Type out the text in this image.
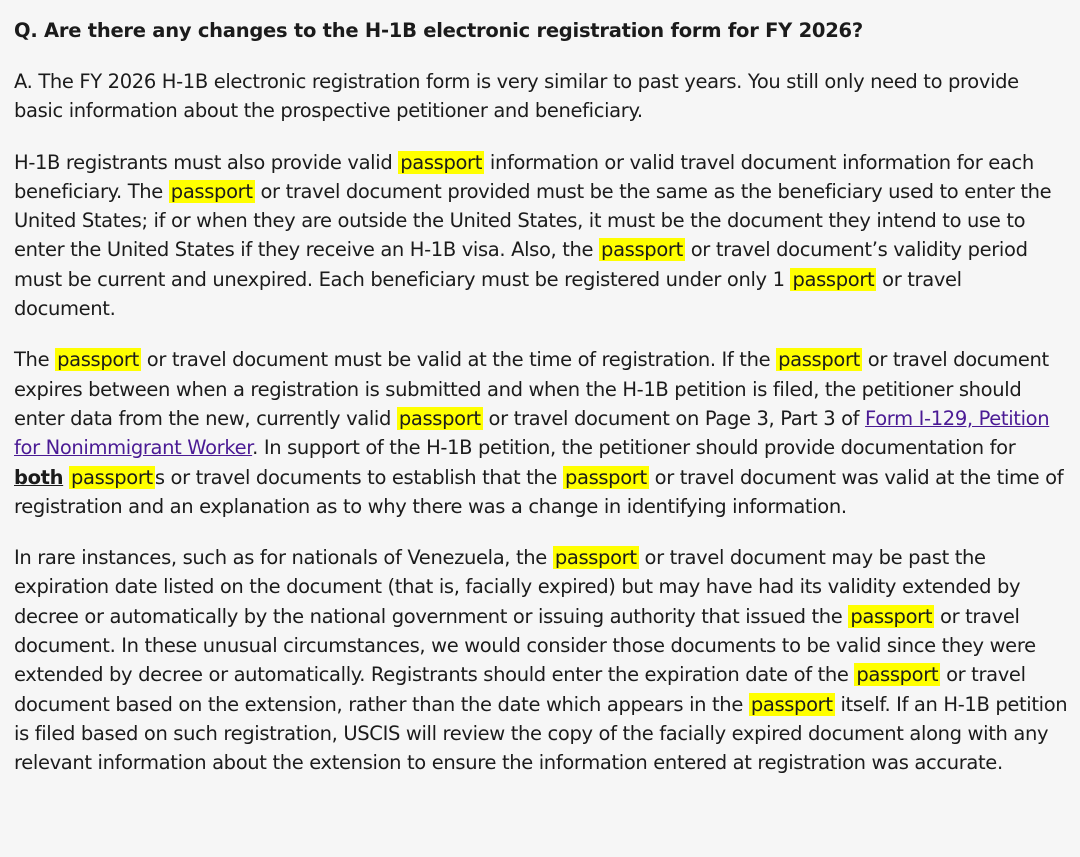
Q. Are there any changes to the H-1B electronic registration form for FY 2026?

A. The FY 2026 H-1B electronic registration form is very similar to past years. You still only need to provide basic information about the prospective petitioner and beneficiary.

H-1B registrants must also provide valid passport information or valid travel document information for each beneficiary. The passport or travel document provided must be the same as the beneficiary used to enter the United States; if or when they are outside the United States, it must be the document they intend to use to enter the United States if they receive an H-1B visa. Also, the passport or travel document’s validity period must be current and unexpired. Each beneficiary must be registered under only 1 passport or travel document.

The passport or travel document must be valid at the time of registration. If the passport or travel document expires between when a registration is submitted and when the H-1B petition is filed, the petitioner should enter data from the new, currently valid passport or travel document on Page 3, Part 3 of Form I-129, Petition for Nonimmigrant Worker. In support of the H-1B petition, the petitioner should provide documentation for both passport s or travel documents to establish that the passport or travel document was valid at the time of registration and an explanation as to why there was a change in identifying information.

In rare instances, such as for nationals of Venezuela, the passport or travel document may be past the expiration date listed on the document (that is, facially expired) but may have had its validity extended by decree or automatically by the national government or issuing authority that issued the passport or travel document. In these unusual circumstances, we would consider those documents to be valid since they were extended by decree or automatically. Registrants should enter the expiration date of the passport or travel document based on the extension, rather than the date which appears in the passport itself. If an H-1B petition is filed based on such registration, USCIS will review the copy of the facially expired document along with any relevant information about the extension to ensure the information entered at registration was accurate.
